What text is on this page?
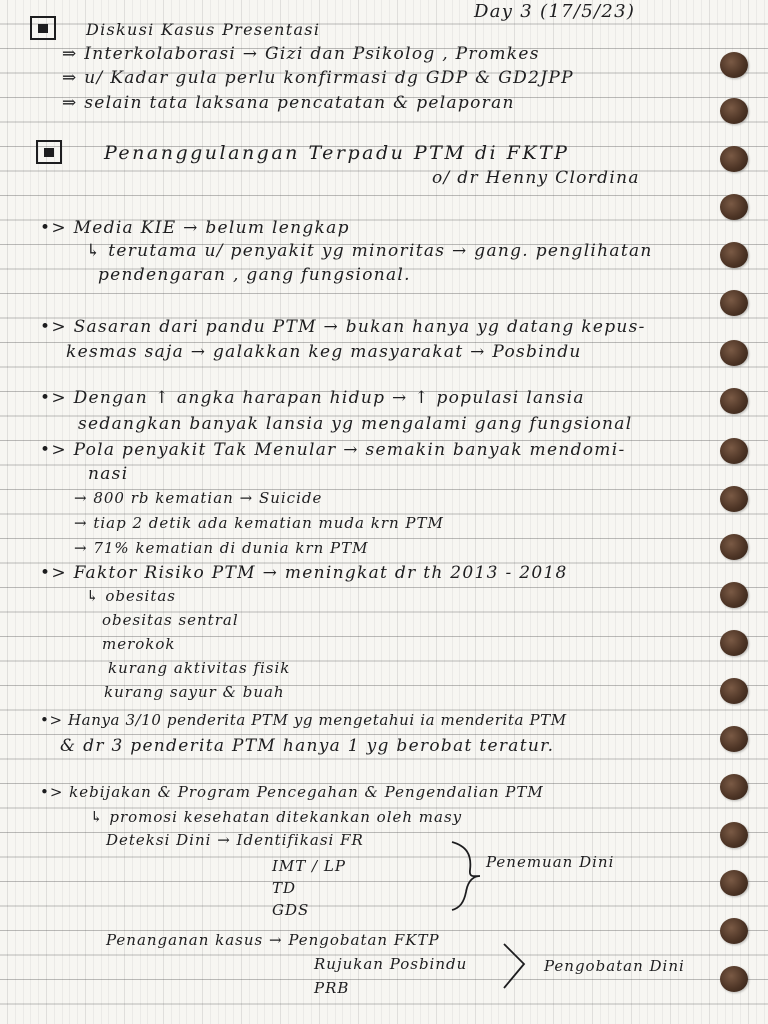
Day 3 (17/5/23)
Diskusi Kasus Presentasi
⇒ Interkolaborasi → Gizi dan Psikolog , Promkes
⇒ u/ Kadar gula perlu konfirmasi dg GDP & GD2JPP
⇒ selain tata laksana pencatatan & pelaporan
Penanggulangan Terpadu PTM di FKTP
o/ dr Henny Clordina
•> Media KIE → belum lengkap
↳ terutama u/ penyakit yg minoritas → gang. penglihatan
pendengaran , gang fungsional.
•> Sasaran dari pandu PTM → bukan hanya yg datang kepus-
kesmas saja → galakkan keg masyarakat → Posbindu
•> Dengan ↑ angka harapan hidup → ↑ populasi lansia
sedangkan banyak lansia yg mengalami gang fungsional
•> Pola penyakit Tak Menular → semakin banyak mendomi-
nasi
→ 800 rb kematian → Suicide
→ tiap 2 detik ada kematian muda krn PTM
→ 71% kematian di dunia krn PTM
•> Faktor Risiko PTM → meningkat dr th 2013 - 2018
↳ obesitas
obesitas sentral
merokok
kurang aktivitas fisik
kurang sayur & buah
•> Hanya 3/10 penderita PTM yg mengetahui ia menderita PTM
& dr 3 penderita PTM hanya 1 yg berobat teratur.
•> kebijakan & Program Pencegahan & Pengendalian PTM
↳ promosi kesehatan ditekankan oleh masy
Deteksi Dini → Identifikasi FR
IMT / LP
TD
GDS
Penemuan Dini
Penanganan kasus → Pengobatan FKTP
Rujukan Posbindu
PRB
Pengobatan Dini
